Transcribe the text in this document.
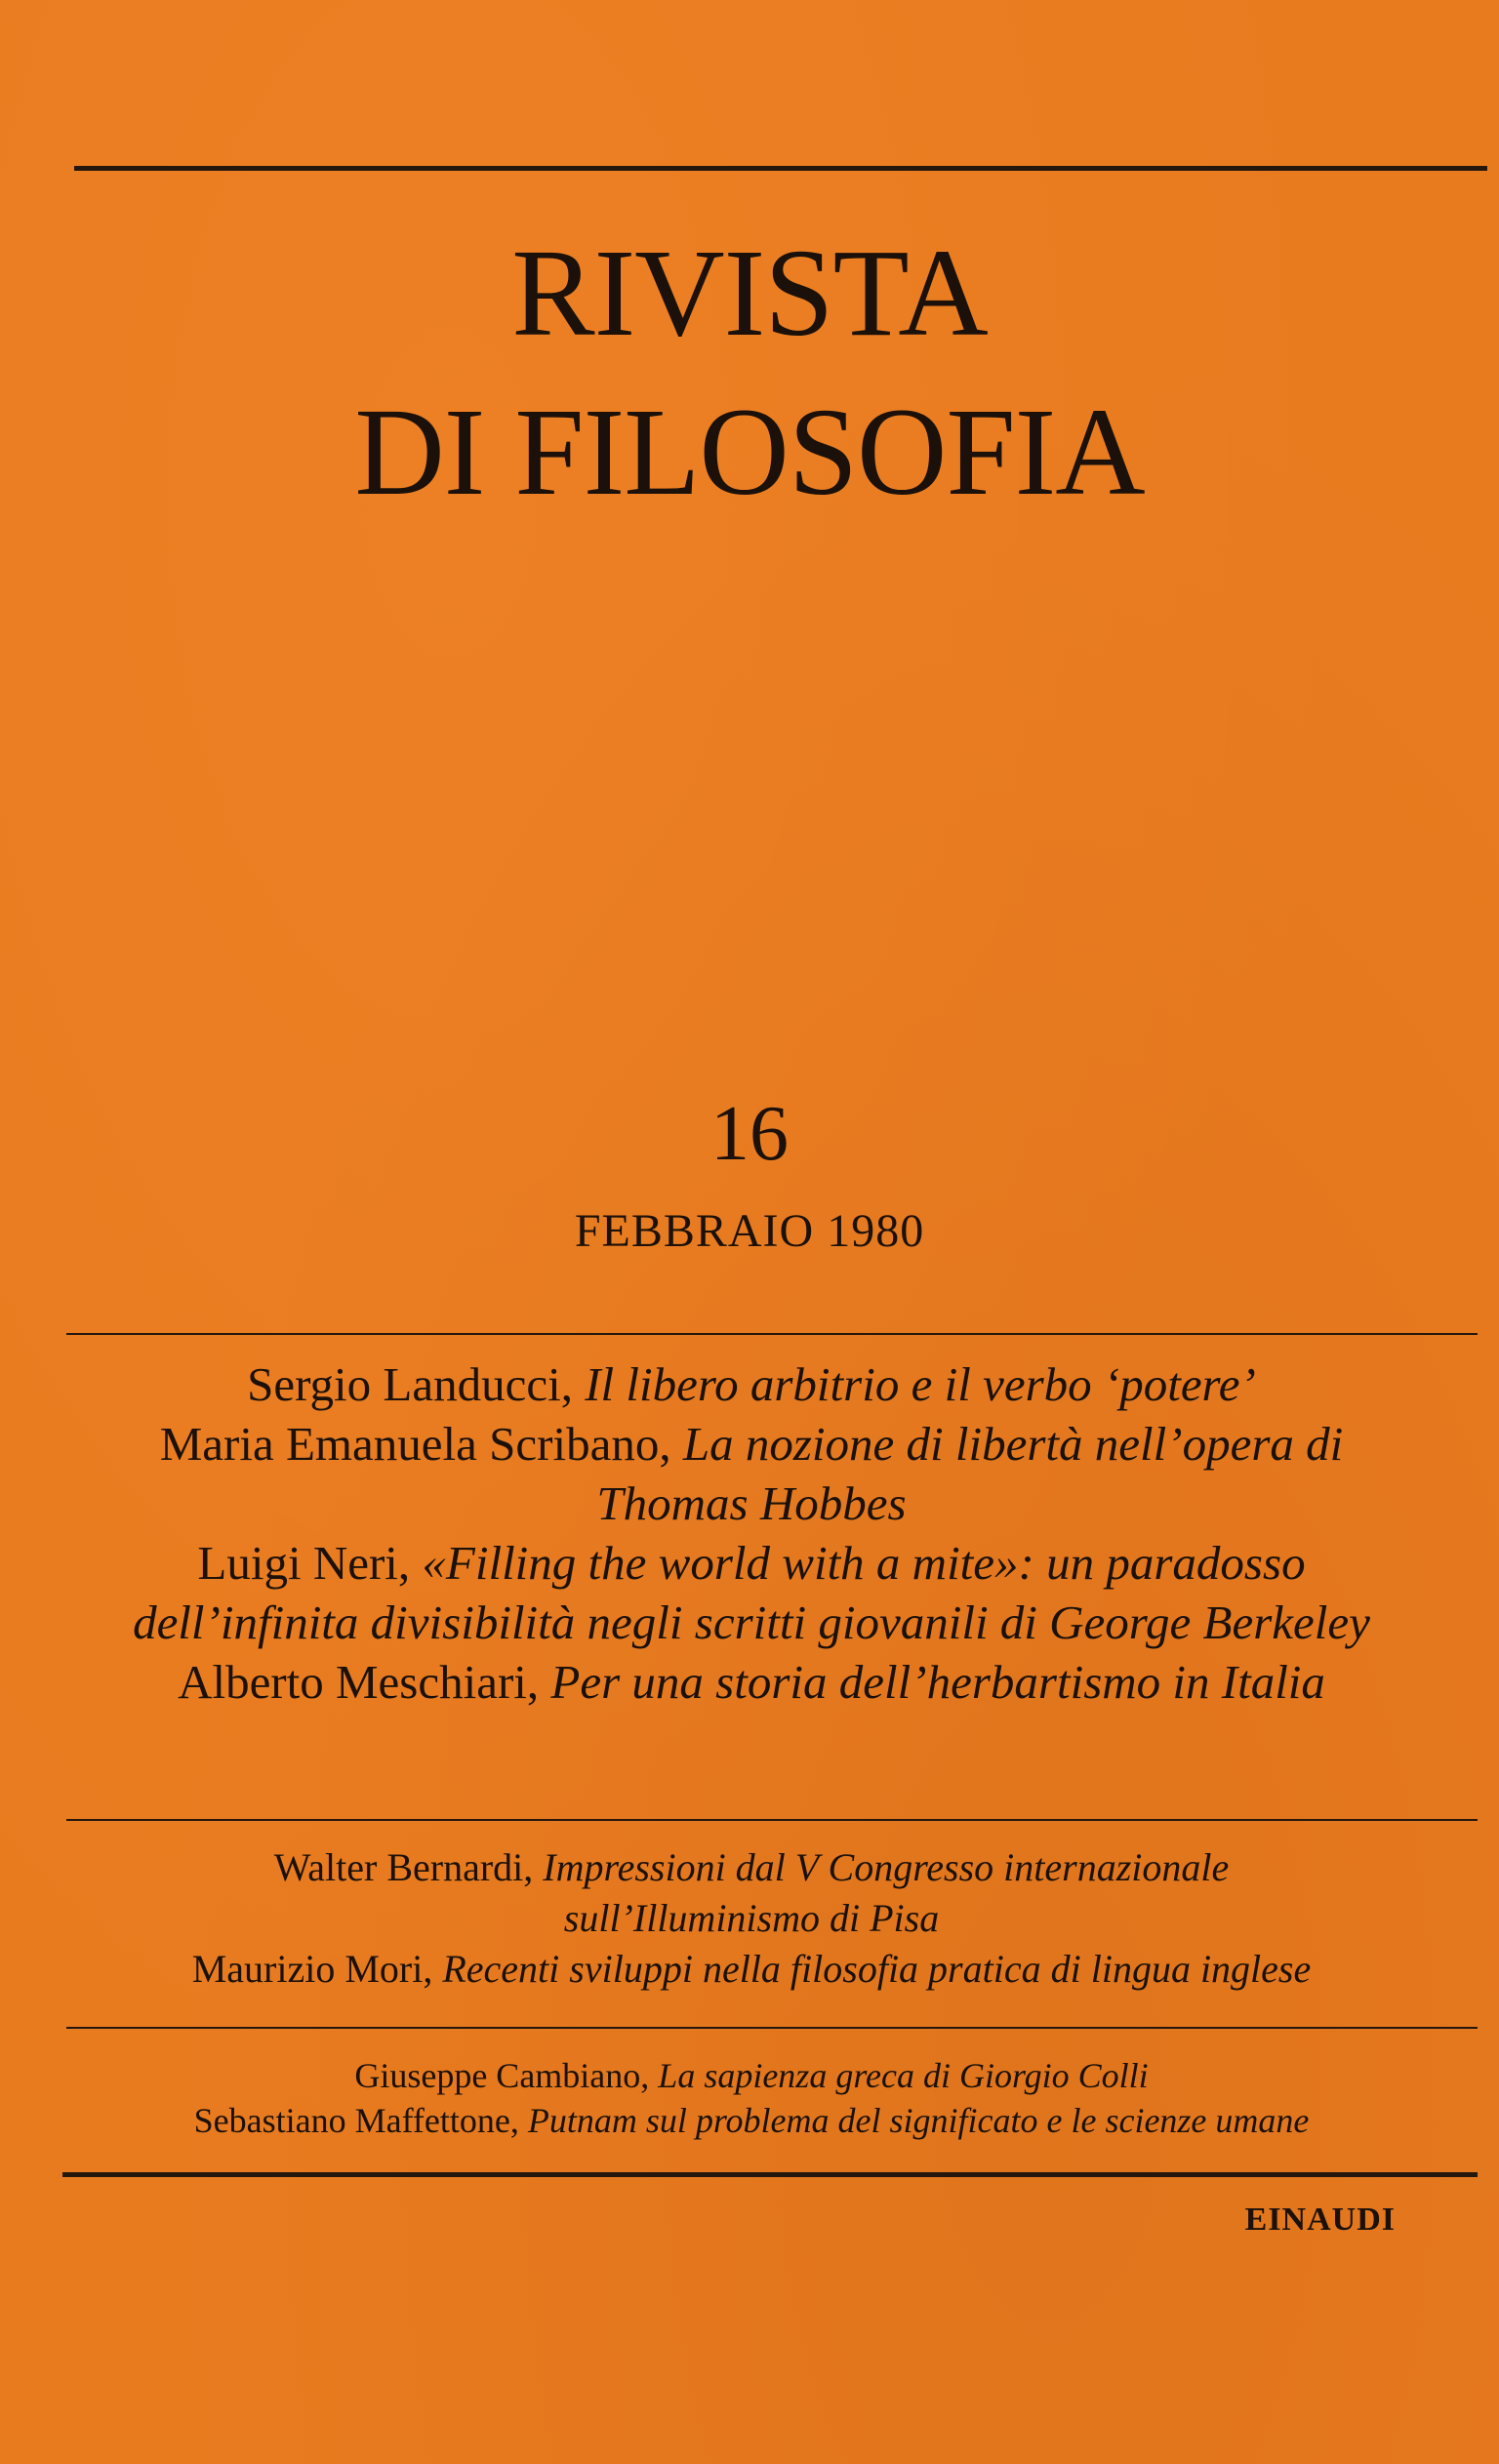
RIVISTA
DI FILOSOFIA
16
FEBBRAIO 1980
Sergio Landucci, Il libero arbitrio e il verbo ‘potere’
Maria Emanuela Scribano, La nozione di libertà nell’opera di Thomas Hobbes
Luigi Neri, «Filling the world with a mite»: un paradosso dell’infinita divisibilità negli scritti giovanili di George Berkeley
Alberto Meschiari, Per una storia dell’herbartismo in Italia
Walter Bernardi, Impressioni dal V Congresso internazionale sull’Illuminismo di Pisa
Maurizio Mori, Recenti sviluppi nella filosofia pratica di lingua inglese
Giuseppe Cambiano, La sapienza greca di Giorgio Colli
Sebastiano Maffettone, Putnam sul problema del significato e le scienze umane
EINAUDI
